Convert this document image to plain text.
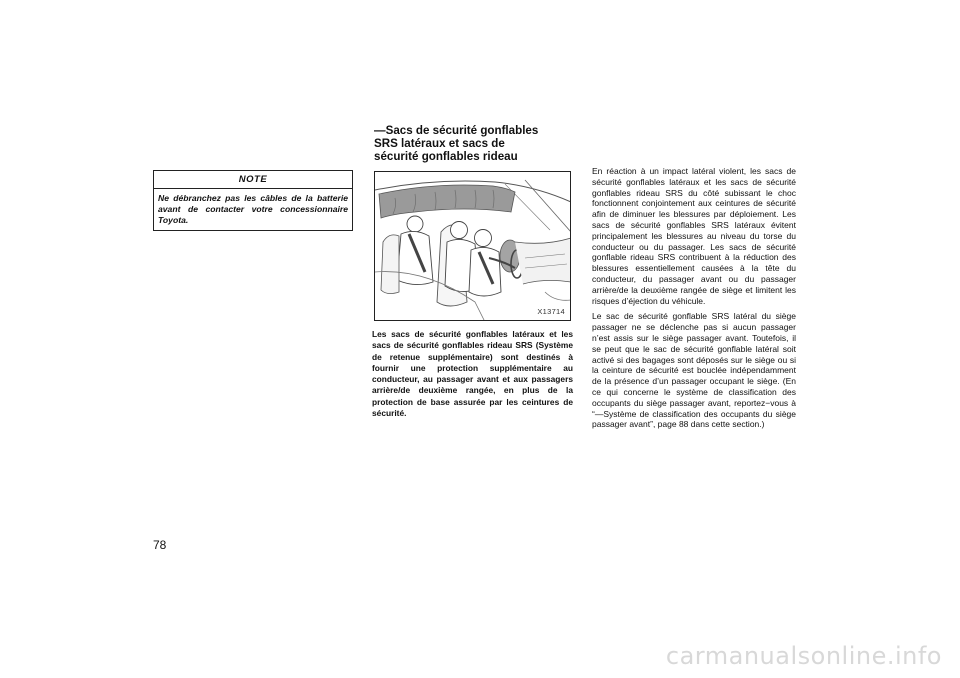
NOTE
Ne débranchez pas les câbles de la batterie avant de contacter votre concessionnaire Toyota.
—Sacs de sécurité gonflables
SRS latéraux et sacs de
sécurité gonflables rideau
X13714
Les sacs de sécurité gonflables latéraux et les sacs de sécurité gonflables rideau SRS (Système de retenue supplémentaire) sont destinés à fournir une protection supplémentaire au conducteur, au passager avant et aux passagers arrière/de deuxième rangée, en plus de la protection de base assurée par les ceintures de sécurité.

En réaction à un impact latéral violent, les sacs de sécurité gonflables latéraux et les sacs de sécurité gonflables rideau SRS du côté subissant le choc fonctionnent conjointement aux ceintures de sécurité afin de diminuer les blessures par déploiement. Les sacs de sécurité gonflables SRS latéraux évitent principalement les blessures au niveau du torse du conducteur ou du passager. Les sacs de sécurité gonflable rideau SRS contribuent à la réduction des blessures essentiellement causées à la tête du conducteur, du passager avant ou du passager arrière/de la deuxième rangée de siège et limitent les risques d’éjection du véhicule.

Le sac de sécurité gonflable SRS latéral du siège passager ne se déclenche pas si aucun passager n’est assis sur le siège passager avant. Toutefois, il se peut que le sac de sécurité gonflable latéral soit activé si des bagages sont déposés sur le siège ou si la ceinture de sécurité est bouclée indépendamment de la présence d’un passager occupant le siège. (En ce qui concerne le système de classification des occupants du siège passager avant, reportez−vous à “—Système de classification des occupants du siège passager avant”, page 88 dans cette section.)

78
carmanualsonline.info
